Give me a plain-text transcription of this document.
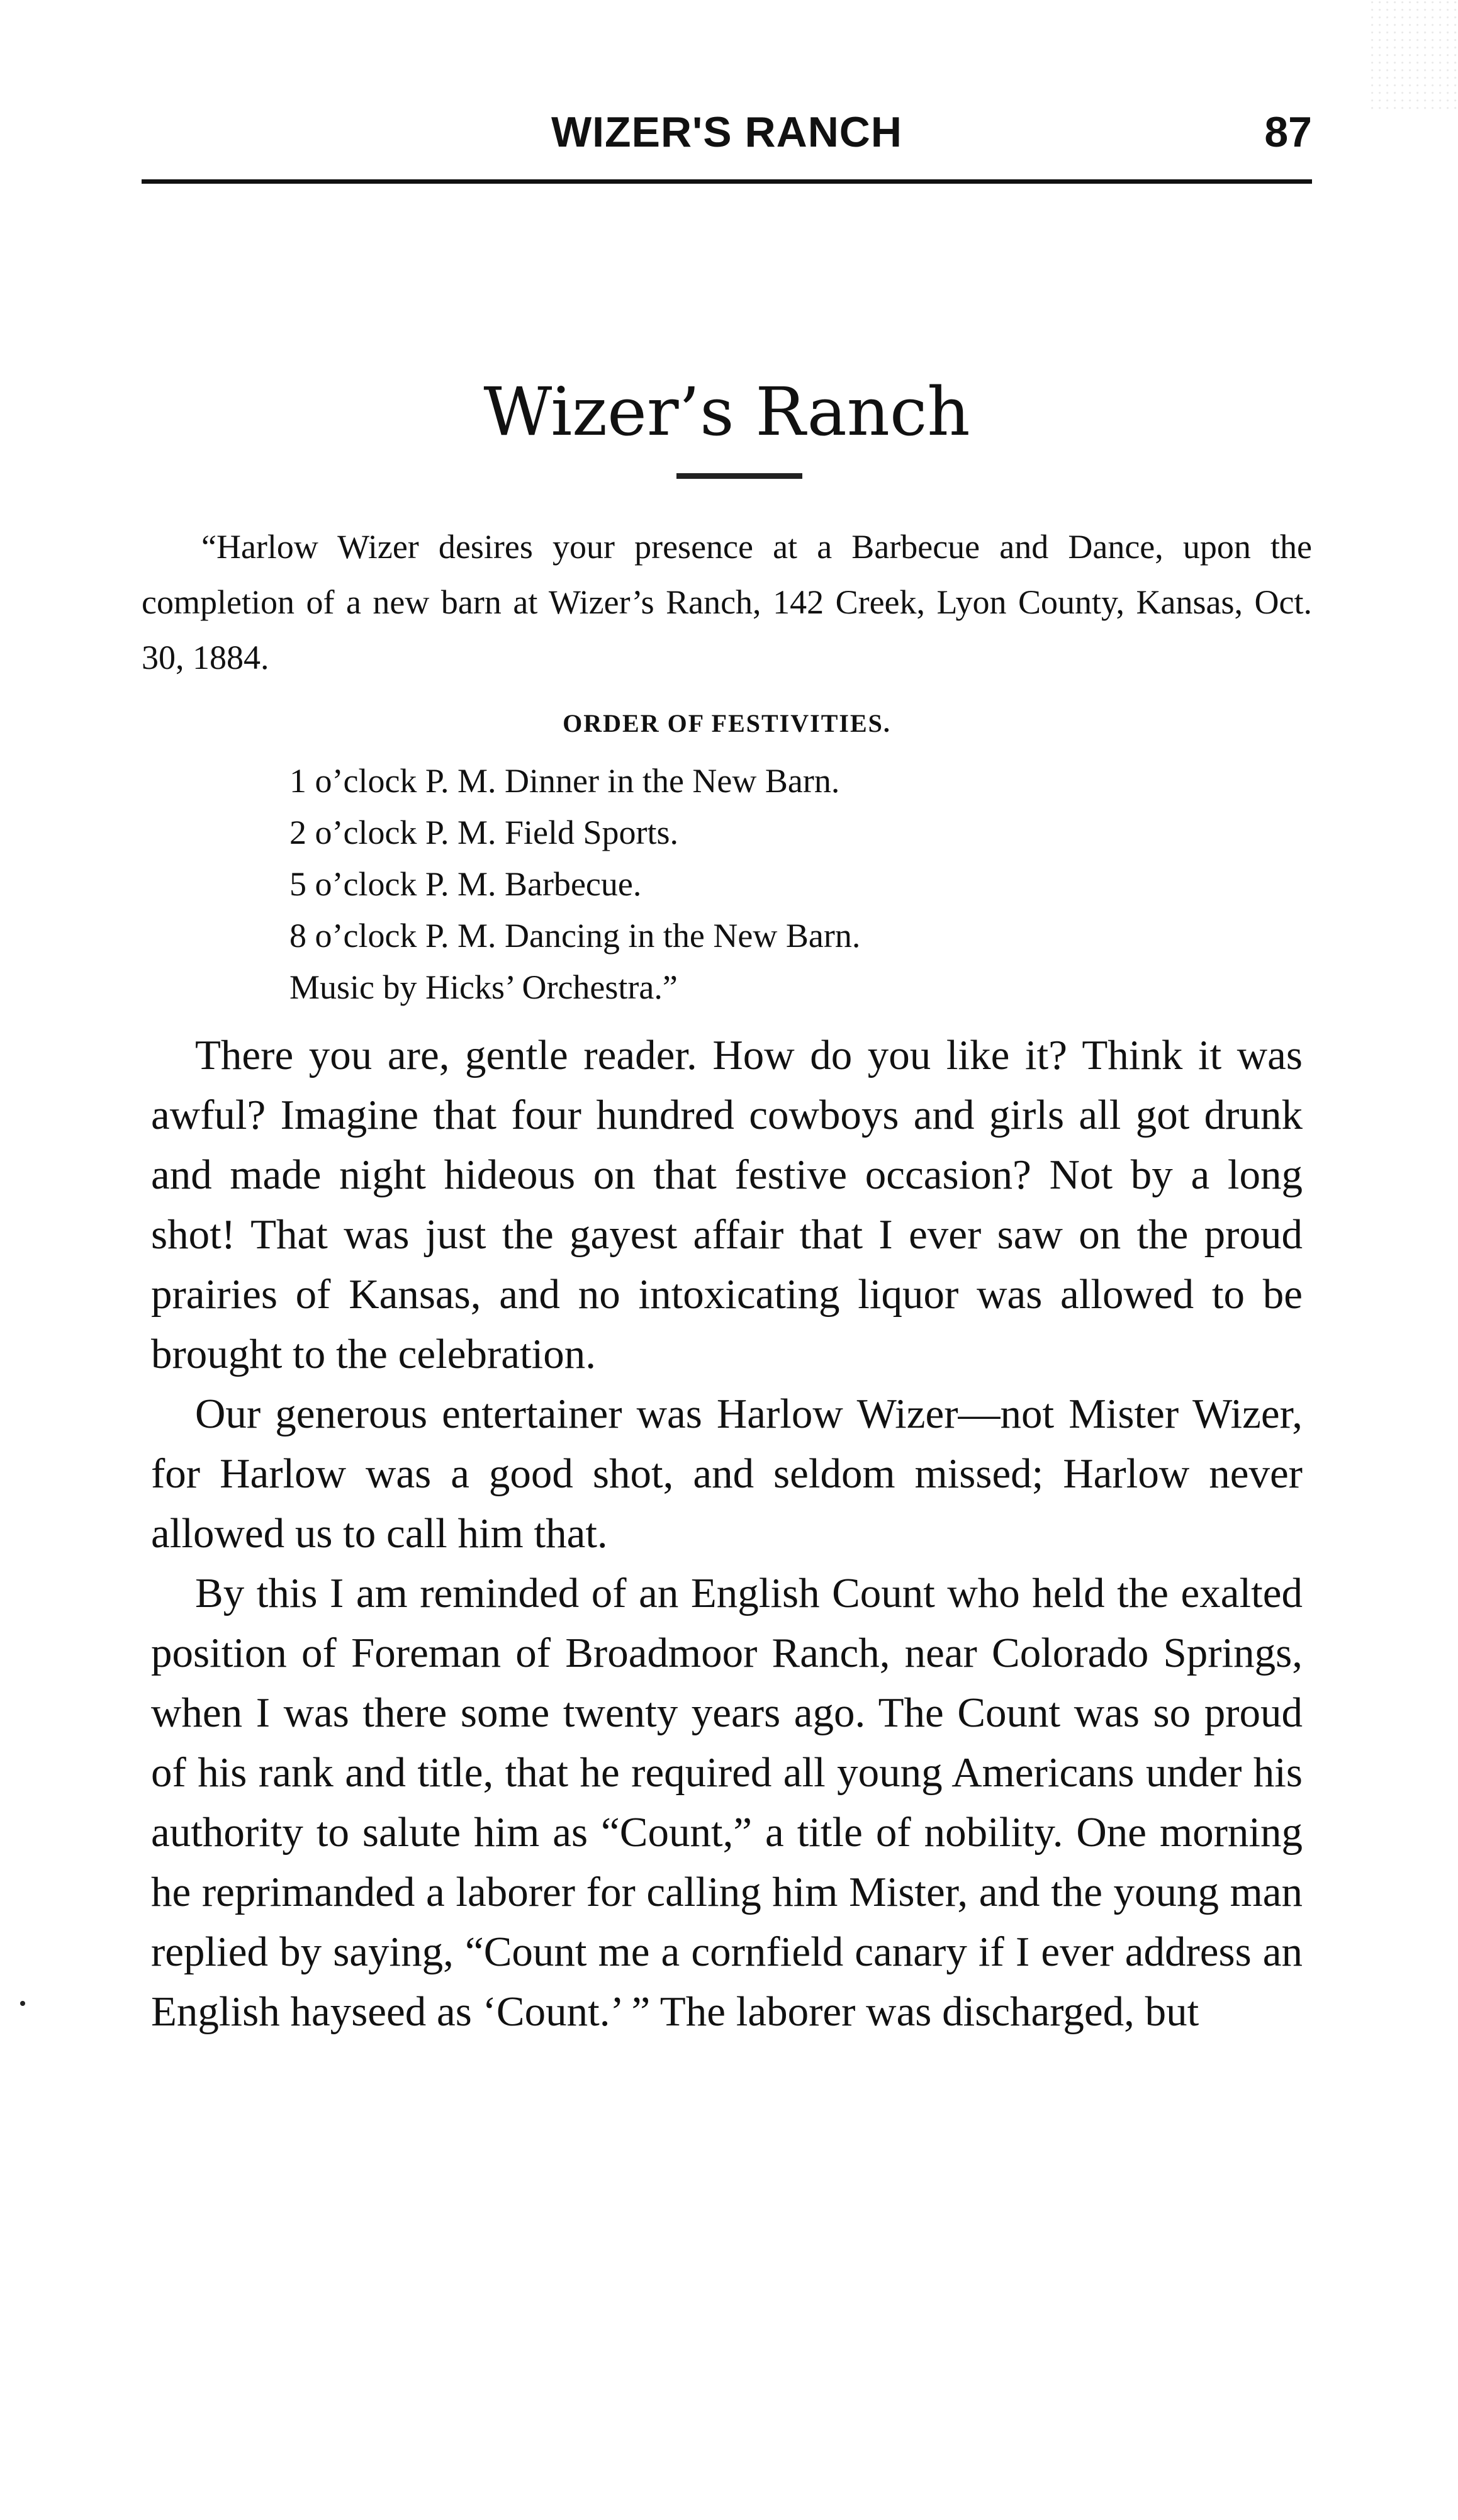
WIZER'S RANCH	87
Wizer’s Ranch

“Harlow Wizer desires your presence at a Barbecue and Dance, upon the completion of a new barn at Wizer’s Ranch, 142 Creek, Lyon County, Kansas, Oct. 30, 1884.

ORDER OF FESTIVITIES.
1 o’clock P. M. Dinner in the New Barn.
2 o’clock P. M. Field Sports.
5 o’clock P. M. Barbecue.
8 o’clock P. M. Dancing in the New Barn.
Music by Hicks’ Orchestra.”

There you are, gentle reader. How do you like it? Think it was awful? Imagine that four hundred cowboys and girls all got drunk and made night hideous on that festive occasion? Not by a long shot! That was just the gayest affair that I ever saw on the proud prairies of Kansas, and no intoxicating liquor was allowed to be brought to the celebration.

Our generous entertainer was Harlow Wizer—not Mister Wizer, for Harlow was a good shot, and seldom missed; Harlow never allowed us to call him that.

By this I am reminded of an English Count who held the exalted position of Foreman of Broadmoor Ranch, near Colorado Springs, when I was there some twenty years ago. The Count was so proud of his rank and title, that he required all young Americans under his authority to salute him as “Count,” a title of nobility. One morning he reprimanded a laborer for calling him Mister, and the young man replied by saying, “Count me a cornfield canary if I ever address an English hayseed as ‘Count.’ ” The laborer was discharged, but
